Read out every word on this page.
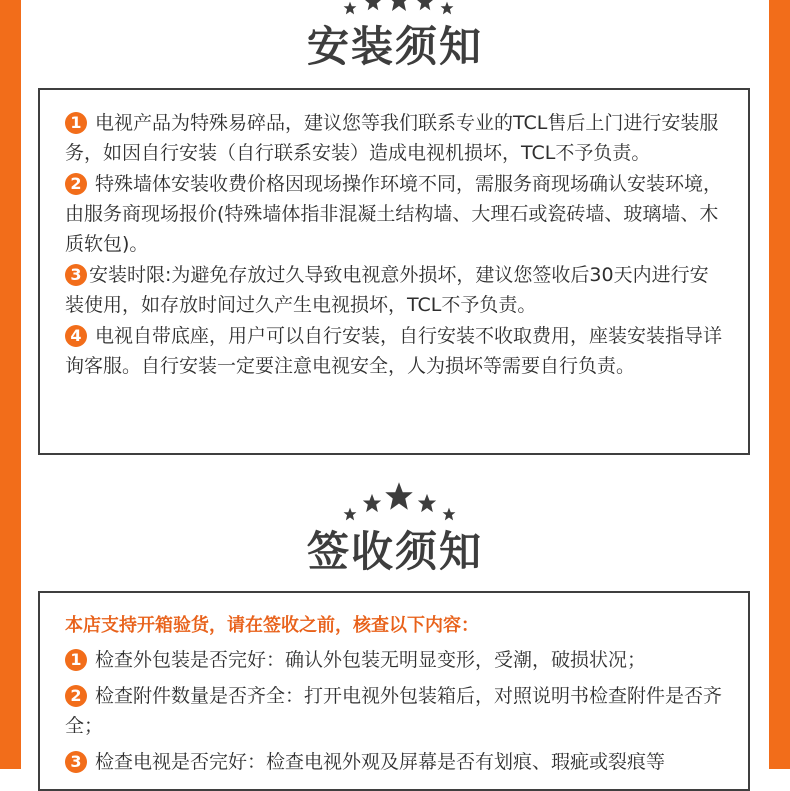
安装须知
1 电视产品为特殊易碎品，建议您等我们联系专业的TCL售后上门进行安装服务，如因自行安装（自行联系安装）造成电视机损坏，TCL不予负责。
2 特殊墙体安装收费价格因现场操作环境不同，需服务商现场确认安装环境，由服务商现场报价(特殊墙体指非混凝土结构墙、大理石或瓷砖墙、玻璃墙、木质软包)。
3 安装时限:为避免存放过久导致电视意外损坏，建议您签收后30天内进行安装使用，如存放时间过久产生电视损坏，TCL不予负责。
4 电视自带底座，用户可以自行安装，自行安装不收取费用，座装安装指导详询客服。自行安装一定要注意电视安全，人为损坏等需要自行负责。
签收须知
本店支持开箱验货，请在签收之前，核查以下内容：
1 检查外包装是否完好：确认外包装无明显变形，受潮，破损状况；
2 检查附件数量是否齐全：打开电视外包装箱后，对照说明书检查附件是否齐全；
3 检查电视是否完好：检查电视外观及屏幕是否有划痕、瑕疵或裂痕等
